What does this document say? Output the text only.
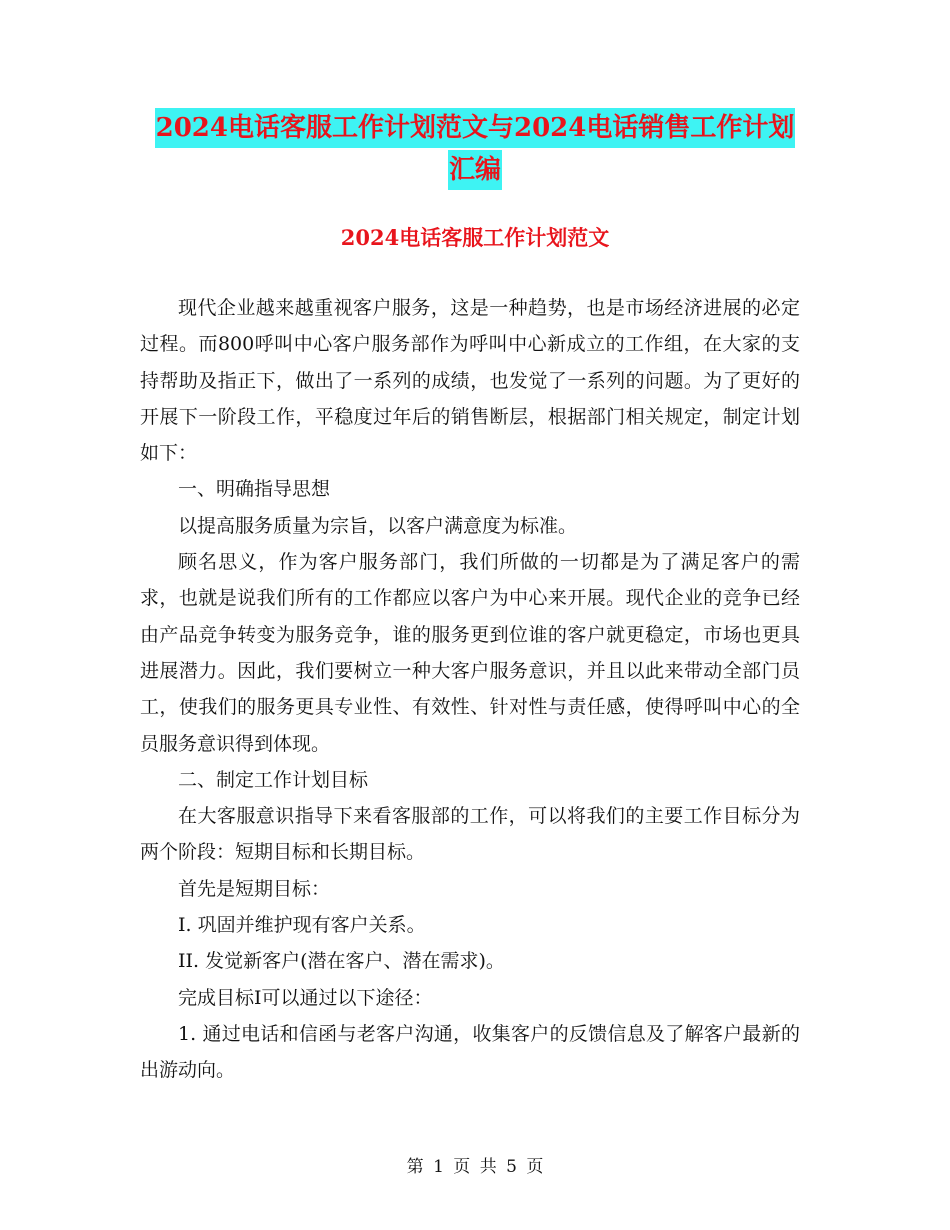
2024电话客服工作计划范文与2024电话销售工作计划
汇编
2024电话客服工作计划范文

现代企业越来越重视客户服务，这是一种趋势，也是市场经济进展的必定过程。而800呼叫中心客户服务部作为呼叫中心新成立的工作组，在大家的支持帮助及指正下，做出了一系列的成绩，也发觉了一系列的问题。为了更好的开展下一阶段工作，平稳度过年后的销售断层，根据部门相关规定，制定计划如下：

一、明确指导思想

以提高服务质量为宗旨，以客户满意度为标准。

顾名思义，作为客户服务部门，我们所做的一切都是为了满足客户的需求，也就是说我们所有的工作都应以客户为中心来开展。现代企业的竞争已经由产品竞争转变为服务竞争，谁的服务更到位谁的客户就更稳定，市场也更具进展潜力。因此，我们要树立一种大客户服务意识，并且以此来带动全部门员工，使我们的服务更具专业性、有效性、针对性与责任感，使得呼叫中心的全员服务意识得到体现。

二、制定工作计划目标

在大客服意识指导下来看客服部的工作，可以将我们的主要工作目标分为两个阶段：短期目标和长期目标。

首先是短期目标：

I. 巩固并维护现有客户关系。

II. 发觉新客户(潜在客户、潜在需求)。

完成目标I可以通过以下途径：

1. 通过电话和信函与老客户沟通，收集客户的反馈信息及了解客户最新的出游动向。

第 1 页 共 5 页
